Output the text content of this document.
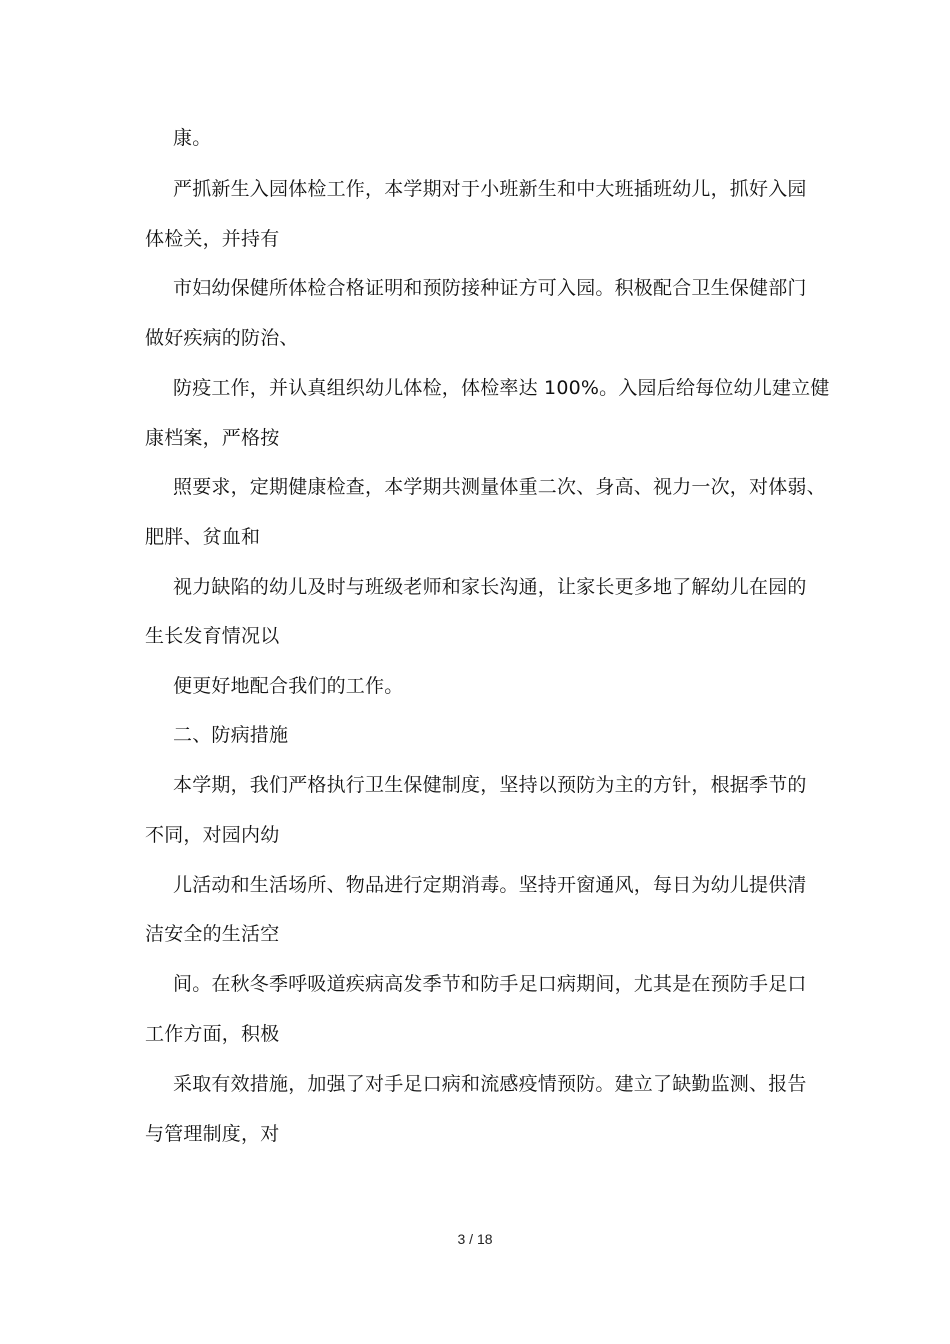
康。
严抓新生入园体检工作，本学期对于小班新生和中大班插班幼儿，抓好入园
体检关，并持有
市妇幼保健所体检合格证明和预防接种证方可入园。积极配合卫生保健部门
做好疾病的防治、
防疫工作，并认真组织幼儿体检，体检率达 100%。入园后给每位幼儿建立健
康档案，严格按
照要求，定期健康检查，本学期共测量体重二次、身高、视力一次，对体弱、
肥胖、贫血和
视力缺陷的幼儿及时与班级老师和家长沟通，让家长更多地了解幼儿在园的
生长发育情况以
便更好地配合我们的工作。
二、防病措施
本学期，我们严格执行卫生保健制度，坚持以预防为主的方针，根据季节的
不同，对园内幼
儿活动和生活场所、物品进行定期消毒。坚持开窗通风，每日为幼儿提供清
洁安全的生活空
间。在秋冬季呼吸道疾病高发季节和防手足口病期间，尤其是在预防手足口
工作方面，积极
采取有效措施，加强了对手足口病和流感疫情预防。建立了缺勤监测、报告
与管理制度，对
3 / 18
